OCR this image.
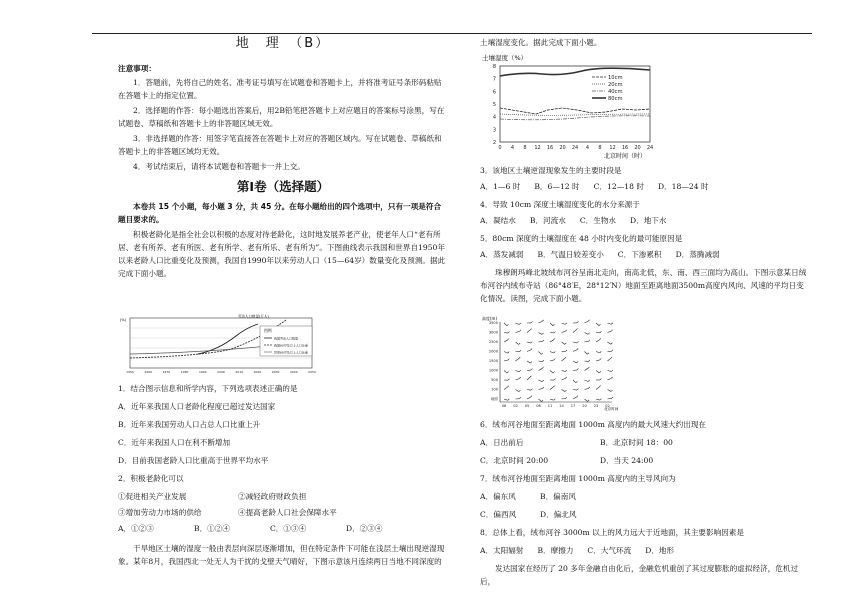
地　理　（B）
注意事项：
1．答题前，先将自己的姓名、准考证号填写在试题卷和答题卡上，并将准考证号条形码粘贴在答题卡上的指定位置。
2．选择题的作答：每小题选出答案后，用2B铅笔把答题卡上对应题目的答案标号涂黑，写在试题卷、草稿纸和答题卡上的非答题区域无效。
3．非选择题的作答：用签字笔直接答在答题卡上对应的答题区域内。写在试题卷、草稿纸和答题卡上的非答题区域均无效。
4．考试结束后，请将本试题卷和答题卡一并上交。
第Ⅰ卷（选择题）
本卷共 15 个小题，每小题 3 分，共 45 分。在每小题给出的四个选项中，只有一项是符合题目要求的。
积极老龄化是指全社会以积极的态度对待老龄化，这时地发展养老产业，使老年人口“老有所居、老有所养、老有所医、老有所学、老有所乐、老有所为”。下图曲线表示我国和世界自1950年以来老龄人口比重变化及预测，我国自1990年以来劳动人口（15—64岁）数量变化及预测。据此完成下面小题。
(%)
劳动人口数量(万人)
图例
我国劳动人口数量
我国60岁及以上人口比重
世界60岁及以上人口比重
1950	1960	1970	1980	1990	2000	2010	2020	2030	2040	2050
1．结合图示信息和所学内容，下列选项表述正确的是
A．近年来我国人口老龄化程度已超过发达国家
B．近年来我国劳动人口占总人口比重上升
C．近年来我国人口在利不断增加
D．目前我国老龄人口比重高于世界平均水平
2．积极老龄化可以
①促进相关产业发展	②减轻政府财政负担
③增加劳动力市场的供给	④提高老龄人口社会保障水平
A．①②③	B．①②④	C．①③④	D．②③④
干旱地区土壤的湿度一般由表层向深层逐渐增加，但在特定条件下可能在浅层土壤出现逆湿现象。某年8月，我国西北一处无人为干扰的戈壁天气晴好，下图示意该月连续两日当地不同深度的
土壤湿度变化。据此完成下面小题。
土壤湿度（%）
2
3
4
5
6
7
8
0 4 8 12 16 20 24 4 8 12 16 20 24
10cm
20cm
40cm
80cm
北京时间（时）
3．该地区土壤逆湿现象发生的主要时段是
A．1—6 时 B．6—12 时 C．12—18 时 D．18—24 时
4．导致 10cm 深度土壤湿度变化的水分来源于
A．凝结水 B．河流水 C．生物水 D．地下水
5．80cm 深度的土壤湿度在 48 小时内变化的最可能原因是
A．蒸发减弱 B．气温日较差变小 C．下渗累积 D．蒸腾减弱
珠穆朗玛峰北坡绒布河谷呈南北走向，南高北低，东、南、西三面均为高山。下图示意某日绒布河谷内绒布寺站（86°48′E，28°12′N）地面至距离地面3500m高度内风向、风速的平均日变化情况。读图，完成下面小题。
高度(m)
3500
3000
2500
2000
1500
1000
500
100
地面
08 02 05 08 11 14 17 20 23 02
北京时间
6．绒布河谷地面至距离地面 1000m 高度内的最大风速大约出现在
A．日出前后	B．北京时间 18：00
C．北京时间 20:00	D．当天 24:00
7．绒布河谷地面至距离地面 1000m 高度内的主导风向为
A．偏东风	B．偏南风
C．偏西风	D．偏北风
8．总体上看，绒布河谷 3000m 以上的风力远大于近地面，其主要影响因素是
A．太阳辐射 B．摩擦力 C．大气环流 D．地形
发达国家在经历了 20 多年金融自由化后，金融危机重创了其过度膨胀的虚拟经济，危机过后，
